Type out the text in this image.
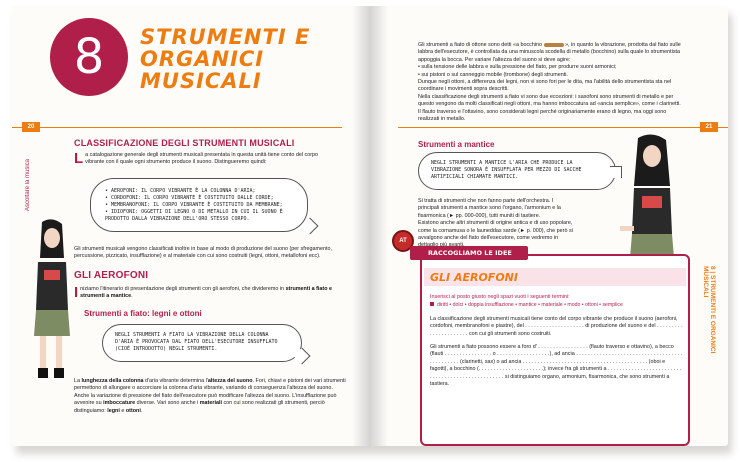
8	STRUMENTI E ORGANICI MUSICALI
20
Ascoltare la musica
CLASSIFICAZIONE DEGLI STRUMENTI MUSICALI
La catalogazione generale degli strumenti musicali presentata in questa unità tiene conto del corpo vibrante con il quale ogni strumento produce il suono. Distingueremo quindi:
• AEROFONI: IL CORPO VIBRANTE È LA COLONNA D'ARIA;
• CORDOFONI: IL CORPO VIBRANTE È COSTITUITO DALLE CORDE;
• MEMBRANOFONI: IL CORPO VIBRANTE È COSTITUITO DA MEMBRANE;
• IDIOFONI: OGGETTI DI LEGNO O DI METALLO IN CUI IL SUONO È PRODOTTO DALLA VIBRAZIONE DELL'ORO STESSO CORPO.
Gli strumenti musicali vengono classificati inoltre in base al modo di produzione del suono (per sfregamento, percussione, pizzicato, insufflazione) e al materiale con cui sono costruiti (legni, ottoni, metallofoni ecc).
GLI AEROFONI
Iniziamo l'itinerario di presentazione degli strumenti con gli aerofoni, che divideremo in strumenti a fiato e strumenti a mantice.
Strumenti a fiato: legni e ottoni
NEGLI STRUMENTI A FIATO LA VIBRAZIONE DELLA COLONNA D'ARIA È PROVOCATA DAL FIATO DELL'ESECUTORE INSUFFLATO (CIOÈ INTRODOTTO) NEGLI STRUMENTI.
La lunghezza della colonna d'aria vibrante determina l'altezza del suono. Fori, chiavi e pistoni dei vari strumenti permettono di allungare o accorciare la colonna d'aria vibrante, variando di conseguenza l'altezza del suono. Anche la variazione di pressione del fiato dell'esecutore può modificare l'altezza del suono. L'insufflazione può avvenire su imboccature diverse. Vari sono anche i materiali con cui sono realizzati gli strumenti, perciò distinguiamo: legni e ottoni.
21
8 | STRUMENTI E ORGANICI MUSICALI
Gli strumenti a fiato di ottone sono detti «a bocchino	», in quanto la vibrazione, prodotta dal fiato sulle labbra dell'esecutore, è controllata da una minuscola scodella di metallo (bocchino) sulla quale lo strumentista appoggia la bocca. Per variare l'altezza del suono si deve agire:
• sulla tensione delle labbra e sulla pressione del fiato, per produrre suoni armonici;
• sui pistoni o sul canneggio mobile (trombone) degli strumenti.
Dunque negli ottoni, a differenza dei legni, non vi sono fori per le dita, ma l'abilità dello strumentista sta nel coordinare i movimenti sopra descritti.
Nella classificazione degli strumenti a fiato vi sono due eccezioni: i saxofoni sono strumenti di metallo e per questo vengono da molti classificati negli ottoni, ma hanno imboccatura ad «ancia semplice», come i clarinetti. Il flauto traverso e l'ottavino, sono considerati legni perché originariamente erano di legno, ma oggi sono realizzati in metallo.
Strumenti a mantice
NEGLI STRUMENTI A MANTICE L'ARIA CHE PRODUCE LA VIBRAZIONE SONORA È INSUFFLATA PER MEZZO DI SACCHE ARTIFICIALI CHIAMATE MANTICI.
Si tratta di strumenti che non fanno parte dell'orchestra. I principali strumenti a mantice sono l'organo, l'armonium e la fisarmonica (► pp. 000-000), tutti muniti di tastiere.
Esistono anche altri strumenti di origine antica e di uso popolare, come la cornamusa o le launeddas sarde (► p. 000), che però si avvalgono anche del fiato dell'esecutore, come vedremo in
AT
RACCOGLIAMO LE IDEE
GLI AEROFONI
Inserisci al posto giusto negli spazi vuoti i seguenti termini:
diritti • dolci • doppia insufflazione • mantice • materiale • modo • ottoni • semplice
La classificazione degli strumenti musicali tiene conto del corpo vibrante che produce il suono (aerofoni, cordofoni, membranofoni e piastre), del . . . . . . . . . . . . . . . . . . . . di produzione del suono e del . . . . . . . . . . . . . . . . . . . . . . con cui gli strumenti sono costruiti.
Gli strumenti a fiato possono essere a foro d' . . . . . . . . . . . . . . . . . (flauto traverso e ottavino), a becco (flauti . . . . . . . . . . . . . . . . o . . . . . . . . . . . . . . . . . .), ad ancia . . . . . . . . . . . . . . . . . . . . . . . . . . . . . . . . . . . . . . . . . . . . . . (clarinetti, sax) o ad ancia . . . . . . . . . . . . . . . . . . . . . . . . . . . . . . . . . . . . . . . . . . (oboi e fagotti), a bocchino (. . . . . . . . . . . . . . . . . . . . . .); invece fra gli strumenti a . . . . . . . . . . . . . . . . . . . . . . . . . . . . . . . . . . . . . . . . . . . . . . . . . . si distinguiamo organo, armonium, fisarmonica, che sono strumenti a tastiera.
